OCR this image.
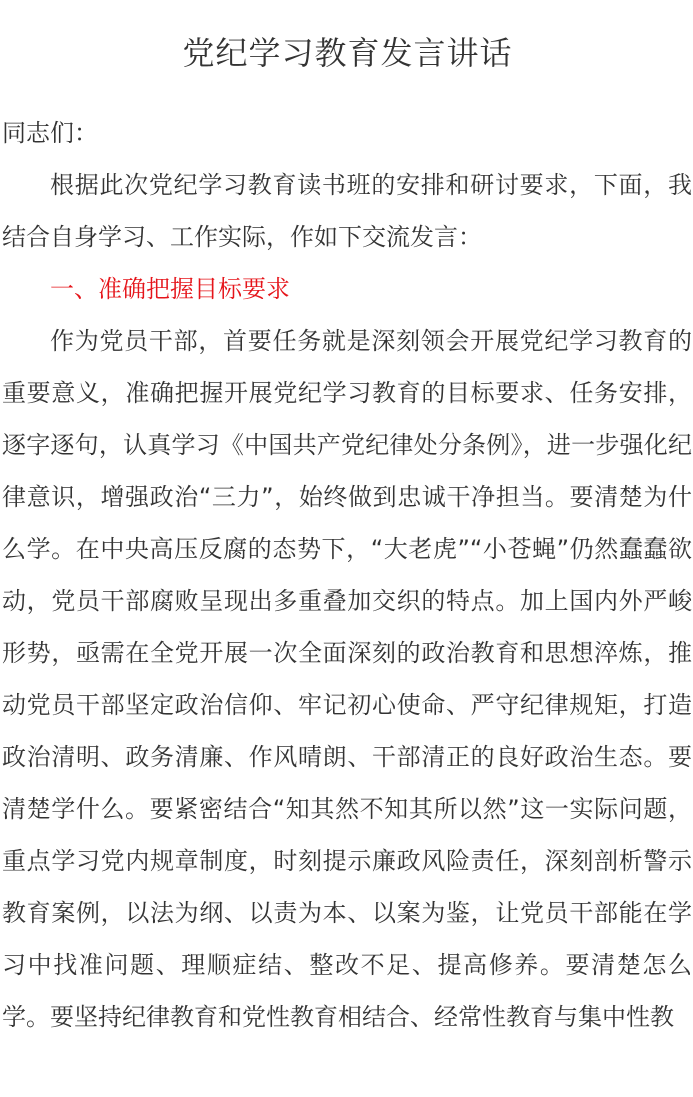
党纪学习教育发言讲话

同志们：

根据此次党纪学习教育读书班的安排和研讨要求，下面，我结合自身学习、工作实际，作如下交流发言：

一、准确把握目标要求

作为党员干部，首要任务就是深刻领会开展党纪学习教育的重要意义，准确把握开展党纪学习教育的目标要求、任务安排，逐字逐句，认真学习《中国共产党纪律处分条例》，进一步强化纪律意识，增强政治“三力”，始终做到忠诚干净担当。要清楚为什么学。在中央高压反腐的态势下，“大老虎”“小苍蝇”仍然蠢蠢欲动，党员干部腐败呈现出多重叠加交织的特点。加上国内外严峻形势，亟需在全党开展一次全面深刻的政治教育和思想淬炼，推动党员干部坚定政治信仰、牢记初心使命、严守纪律规矩，打造政治清明、政务清廉、作风晴朗、干部清正的良好政治生态。要清楚学什么。要紧密结合“知其然不知其所以然”这一实际问题，重点学习党内规章制度，时刻提示廉政风险责任，深刻剖析警示教育案例，以法为纲、以责为本、以案为鉴，让党员干部能在学习中找准问题、理顺症结、整改不足、提高修养。要清楚怎么学。要坚持纪律教育和党性教育相结合、经常性教育与集中性教
